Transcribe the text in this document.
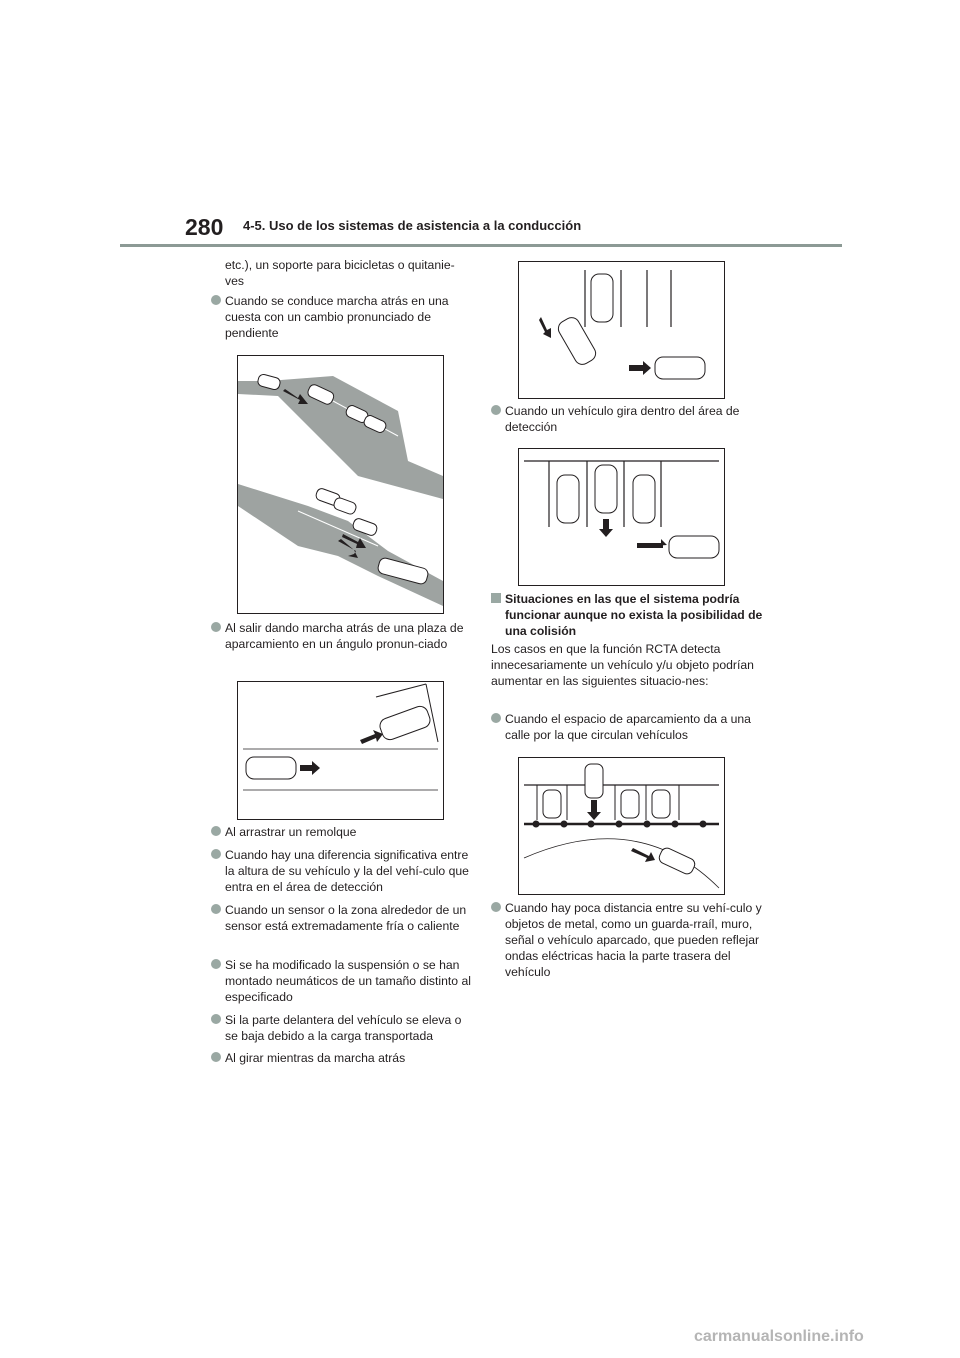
280 4-5. Uso de los sistemas de asistencia a la conducción
etc.), un soporte para bicicletas o quitanie-
ves
Cuando se conduce marcha atrás en una cuesta con un cambio pronunciado de pendiente
Al salir dando marcha atrás de una plaza de aparcamiento en un ángulo pronun-ciado
Al arrastrar un remolque
Cuando hay una diferencia significativa entre la altura de su vehículo y la del vehí-culo que entra en el área de detección
Cuando un sensor o la zona alrededor de un sensor está extremadamente fría o caliente
Si se ha modificado la suspensión o se han montado neumáticos de un tamaño distinto al especificado
Si la parte delantera del vehículo se eleva o se baja debido a la carga transportada
Al girar mientras da marcha atrás
Cuando un vehículo gira dentro del área de detección
Situaciones en las que el sistema podría funcionar aunque no exista la posibilidad de una colisión
Los casos en que la función RCTA detecta innecesariamente un vehículo y/u objeto podrían aumentar en las siguientes situacio-nes:
Cuando el espacio de aparcamiento da a una calle por la que circulan vehículos
Cuando hay poca distancia entre su vehí-culo y objetos de metal, como un guarda-rraíl, muro, señal o vehículo aparcado, que pueden reflejar ondas eléctricas hacia la parte trasera del vehículo
carmanualsonline.info
